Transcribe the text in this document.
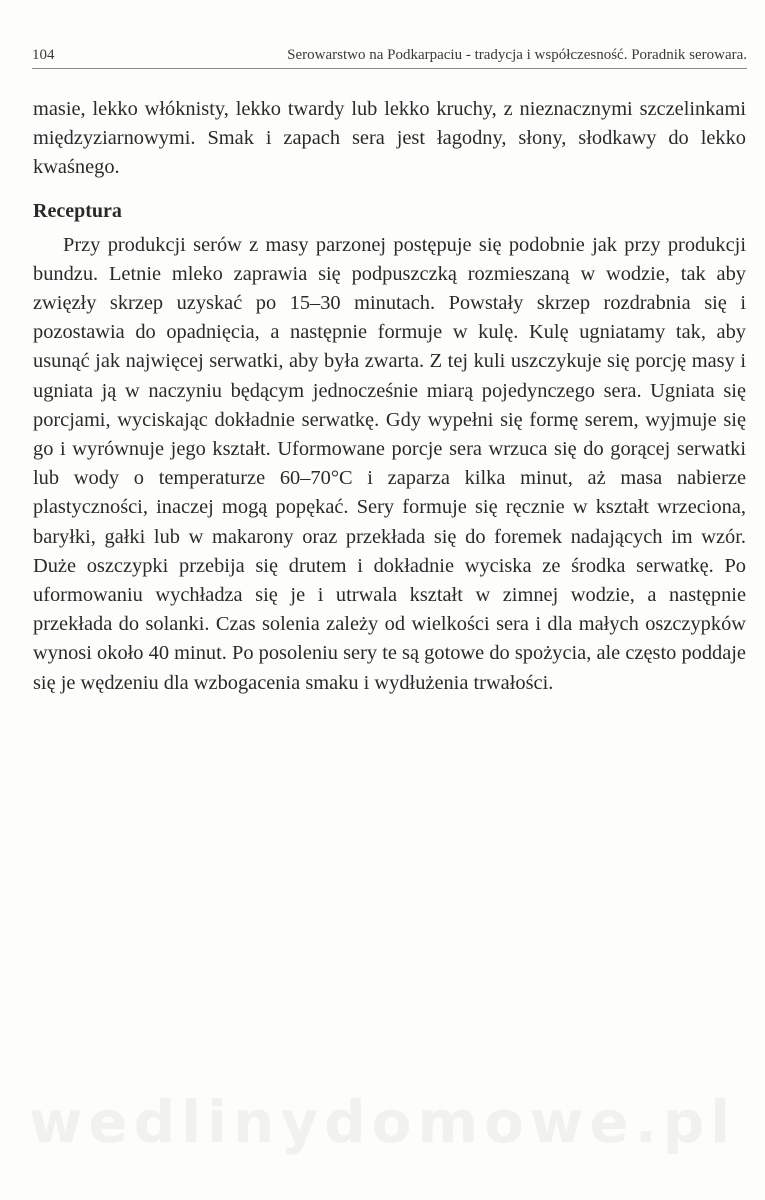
104	Serowarstwo na Podkarpaciu - tradycja i współczesność. Poradnik serowara.

masie, lekko włóknisty, lekko twardy lub lekko kruchy, z nieznacznymi szczelinkami międzyziarnowymi. Smak i zapach sera jest łagodny, słony, słodkawy do lekko kwaśnego.

Receptura

Przy produkcji serów z masy parzonej postępuje się podobnie jak przy produkcji bundzu. Letnie mleko zaprawia się podpuszczką rozmieszaną w wodzie, tak aby zwięzły skrzep uzyskać po 15–30 minutach. Powstały skrzep rozdrabnia się i pozostawia do opadnięcia, a następnie formuje w kulę. Kulę ugniatamy tak, aby usunąć jak najwięcej serwatki, aby była zwarta. Z tej kuli uszczykuje się porcję masy i ugniata ją w naczyniu będącym jednocześnie miarą pojedynczego sera. Ugniata się porcjami, wyciskając dokładnie serwatkę. Gdy wypełni się formę serem, wyjmuje się go i wyrównuje jego kształt. Uformowane porcje sera wrzuca się do gorącej serwatki lub wody o temperaturze 60–70°C i zaparza kilka minut, aż masa nabierze plastyczności, inaczej mogą popękać. Sery formuje się ręcznie w kształt wrzeciona, baryłki, gałki lub w makarony oraz przekłada się do foremek nadających im wzór. Duże oszczypki przebija się drutem i dokładnie wyciska ze środka serwatkę. Po uformowaniu wychładza się je i utrwala kształt w zimnej wodzie, a następnie przekłada do solanki. Czas solenia zależy od wielkości sera i dla małych oszczypków wynosi około 40 minut. Po posoleniu sery te są gotowe do spożycia, ale często poddaje się je wędzeniu dla wzbogacenia smaku i wydłużenia trwałości.

wedlinydomowe.pl
